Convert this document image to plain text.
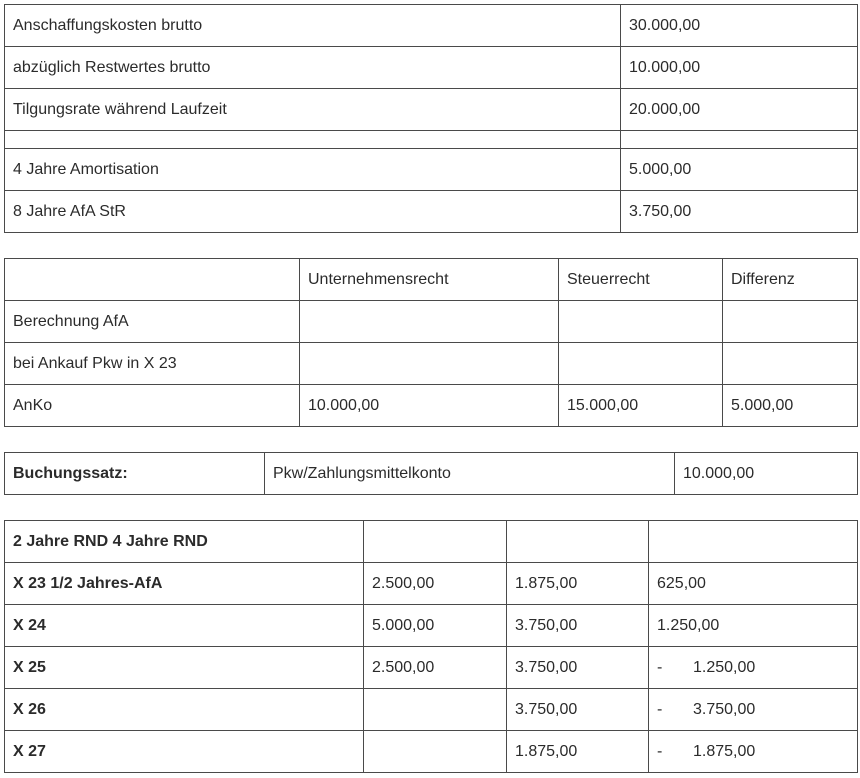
Anschaffungskosten brutto	30.000,00
abzüglich Restwertes brutto	10.000,00
Tilgungsrate während Laufzeit	20.000,00

4 Jahre Amortisation	5.000,00
8 Jahre AfA StR	3.750,00
	Unternehmensrecht	Steuerrecht	Differenz
Berechnung AfA			
bei Ankauf Pkw in X 23			
AnKo	10.000,00	15.000,00	5.000,00
Buchungssatz:	Pkw/Zahlungsmittelkonto	10.000,00
2 Jahre RND 4 Jahre RND			
X 23 1/2 Jahres-AfA	2.500,00	1.875,00	625,00
X 24	5.000,00	3.750,00	1.250,00
X 25	2.500,00	3.750,00	- 1.250,00
X 26		3.750,00	- 3.750,00
X 27		1.875,00	- 1.875,00
